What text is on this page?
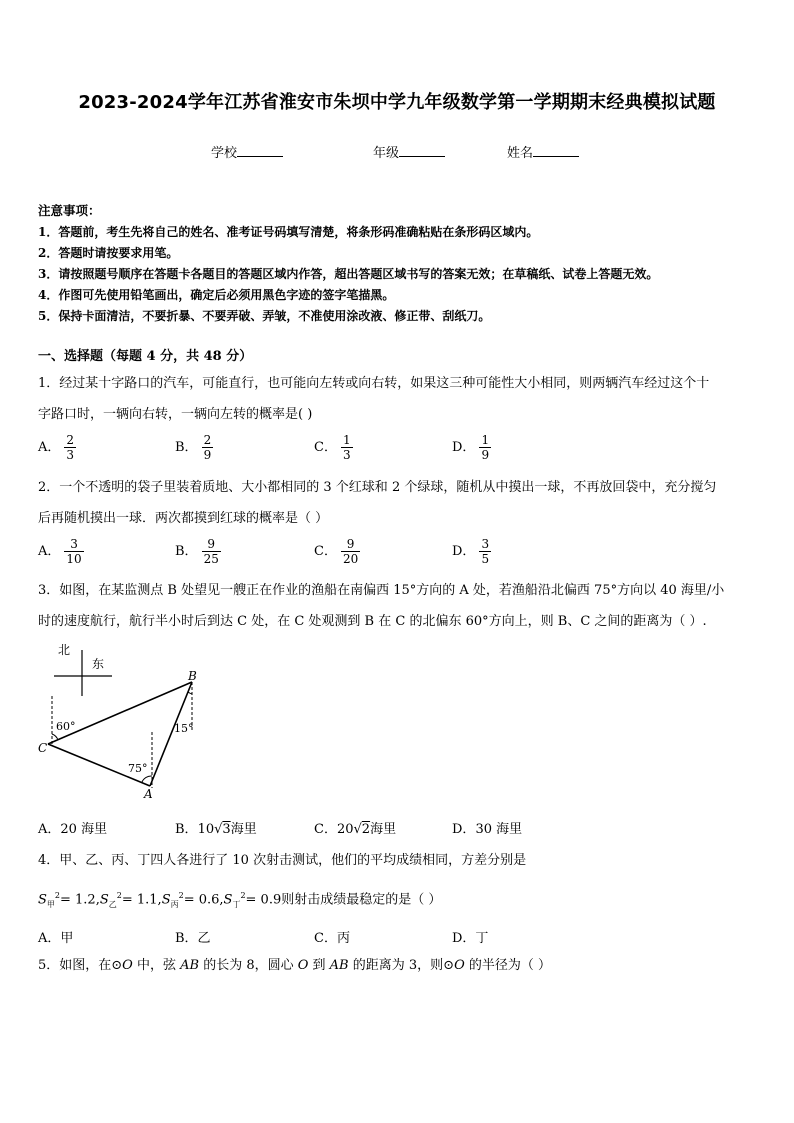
2023-2024学年江苏省淮安市朱坝中学九年级数学第一学期期末经典模拟试题
学校	年级	姓名
注意事项：
1．答题前，考生先将自己的姓名、准考证号码填写清楚，将条形码准确粘贴在条形码区域内。
2．答题时请按要求用笔。
3．请按照题号顺序在答题卡各题目的答题区域内作答，超出答题区域书写的答案无效；在草稿纸、试卷上答题无效。
4．作图可先使用铅笔画出，确定后必须用黑色字迹的签字笔描黑。
5．保持卡面清洁，不要折暴、不要弄破、弄皱，不准使用涂改液、修正带、刮纸刀。
一、选择题（每题 4 分，共 48 分）
1．经过某十字路口的汽车，可能直行，也可能向左转或向右转，如果这三种可能性大小相同，则两辆汽车经过这个十
字路口时，一辆向右转，一辆向左转的概率是( )
A． $\frac{2}{3}$	B． $\frac{2}{9}$	C． $\frac{1}{3}$	D． $\frac{1}{9}$
2．一个不透明的袋子里装着质地、大小都相同的 3 个红球和 2 个绿球，随机从中摸出一球，不再放回袋中，充分搅匀
后再随机摸出一球．两次都摸到红球的概率是（ ）
A． $\frac{3}{10}$	B． $\frac{9}{25}$	C． $\frac{9}{20}$	D． $\frac{3}{5}$
3．如图，在某监测点 B 处望见一艘正在作业的渔船在南偏西 15°方向的 A 处，若渔船沿北偏西 75°方向以 40 海里/小
时的速度航行，航行半小时后到达 C 处，在 C 处观测到 B 在 C 的北偏东 60°方向上，则 B、C 之间的距离为（ ）.
北
东
C
B
A
60°
75°
15°
A．20 海里	B．10√3海里	C．20√2海里	D．30 海里
4．甲、乙、丙、丁四人各进行了 10 次射击测试，他们的平均成绩相同，方差分别是
$S_甲^2= 1.2,S_乙^2= 1.1,S_丙^2= 0.6,S_丁^2= 0.9$则射击成绩最稳定的是（ ）
A．甲	B．乙	C．丙	D．丁
5．如图，在⊙O 中，弦 AB 的长为 8，圆心 O 到 AB 的距离为 3，则⊙O 的半径为（ ）
